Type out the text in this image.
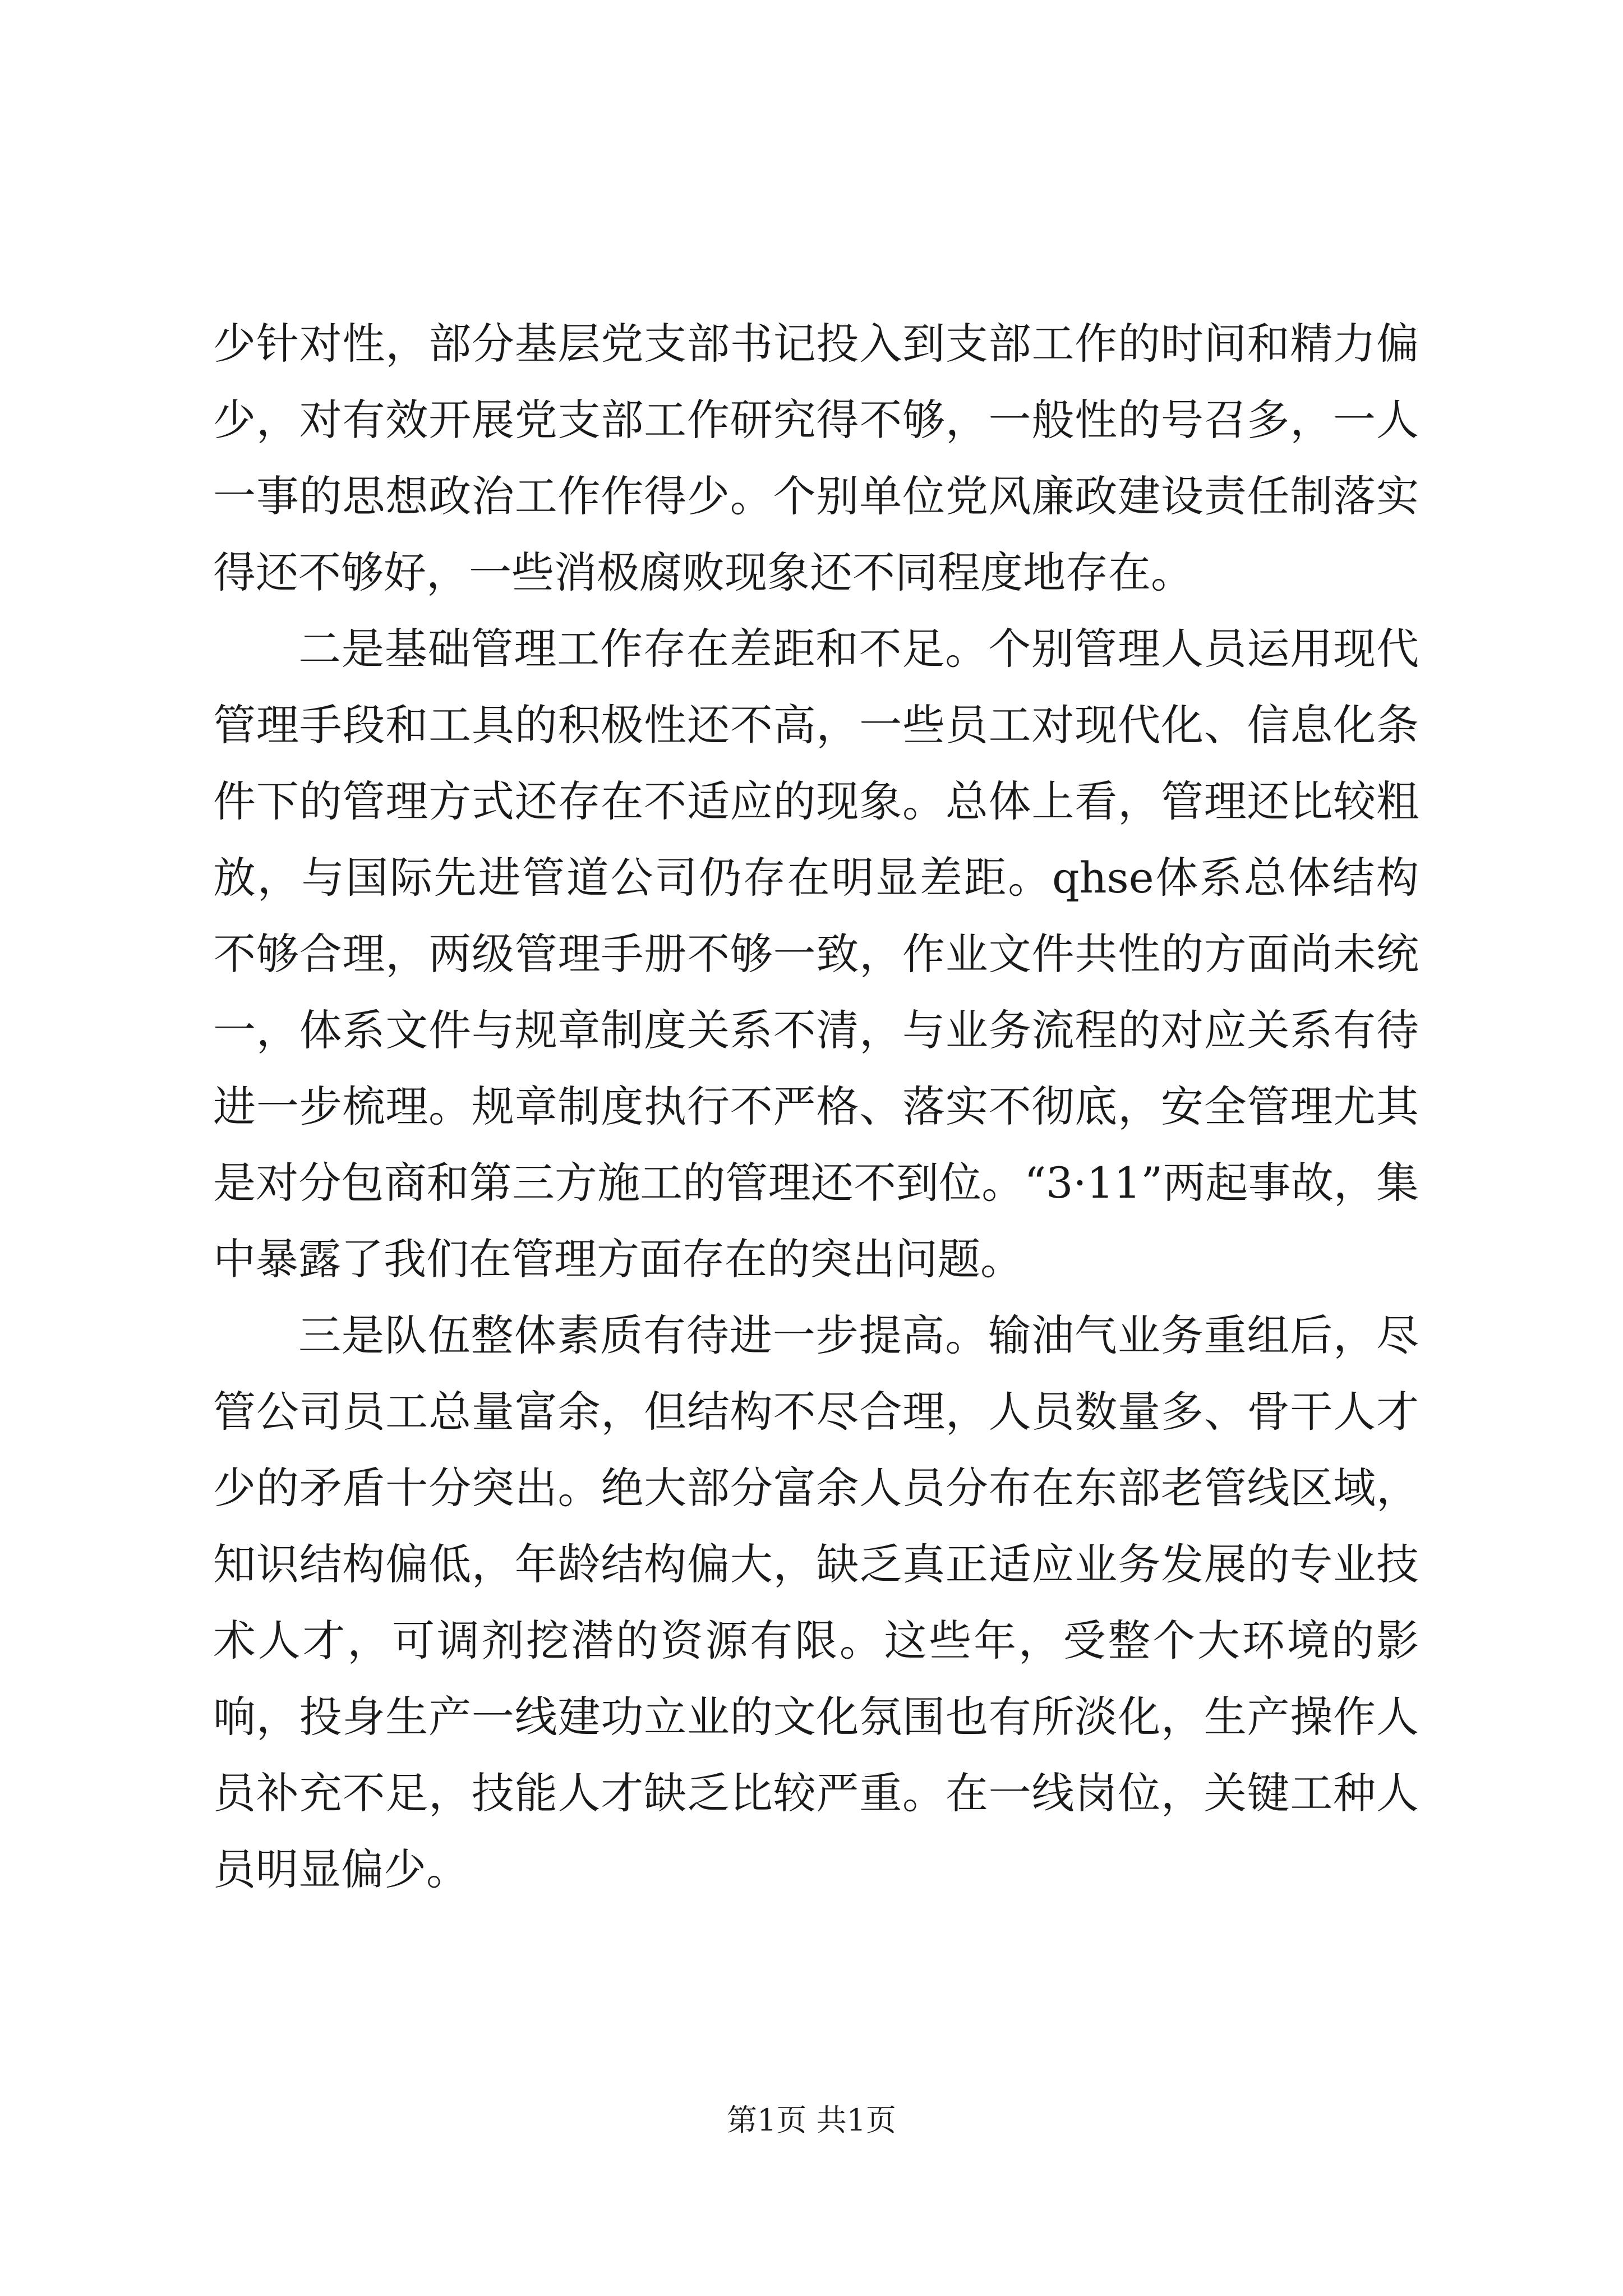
少针对性，部分基层党支部书记投入到支部工作的时间和精力偏少，对有效开展党支部工作研究得不够，一般性的号召多，一人一事的思想政治工作作得少。个别单位党风廉政建设责任制落实得还不够好，一些消极腐败现象还不同程度地存在。

二是基础管理工作存在差距和不足。个别管理人员运用现代管理手段和工具的积极性还不高，一些员工对现代化、信息化条件下的管理方式还存在不适应的现象。总体上看，管理还比较粗放，与国际先进管道公司仍存在明显差距。qhse体系总体结构不够合理，两级管理手册不够一致，作业文件共性的方面尚未统一，体系文件与规章制度关系不清，与业务流程的对应关系有待进一步梳理。规章制度执行不严格、落实不彻底，安全管理尤其是对分包商和第三方施工的管理还不到位。“3·11”两起事故，集中暴露了我们在管理方面存在的突出问题。

三是队伍整体素质有待进一步提高。输油气业务重组后，尽管公司员工总量富余，但结构不尽合理，人员数量多、骨干人才少的矛盾十分突出。绝大部分富余人员分布在东部老管线区域，知识结构偏低，年龄结构偏大，缺乏真正适应业务发展的专业技术人才，可调剂挖潜的资源有限。这些年，受整个大环境的影响，投身生产一线建功立业的文化氛围也有所淡化，生产操作人员补充不足，技能人才缺乏比较严重。在一线岗位，关键工种人员明显偏少。

第1页 共1页
